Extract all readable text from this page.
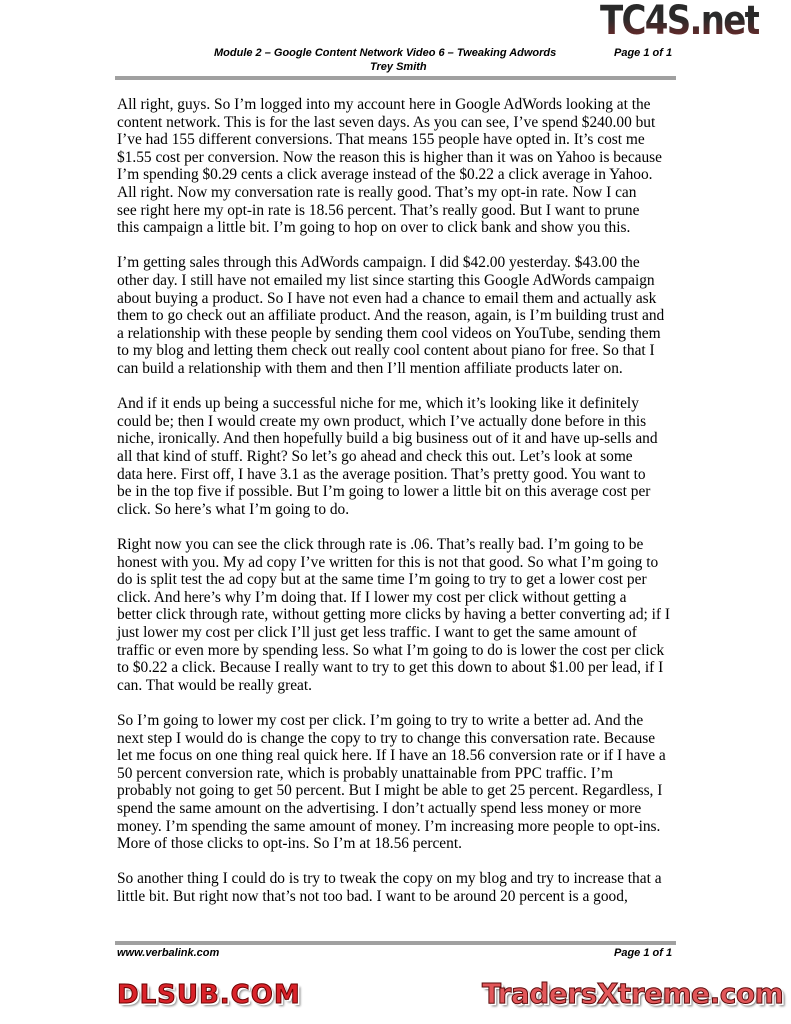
TC4S.net
Module 2 – Google Content Network Video 6 – Tweaking Adwords	Page 1 of 1
Trey Smith
All right, guys. So I’m logged into my account here in Google AdWords looking at the
content network. This is for the last seven days. As you can see, I’ve spend $240.00 but
I’ve had 155 different conversions. That means 155 people have opted in. It’s cost me
$1.55 cost per conversion. Now the reason this is higher than it was on Yahoo is because
I’m spending $0.29 cents a click average instead of the $0.22 a click average in Yahoo.
All right. Now my conversation rate is really good. That’s my opt-in rate. Now I can
see right here my opt-in rate is 18.56 percent. That’s really good. But I want to prune
this campaign a little bit. I’m going to hop on over to click bank and show you this.
I’m getting sales through this AdWords campaign. I did $42.00 yesterday. $43.00 the
other day. I still have not emailed my list since starting this Google AdWords campaign
about buying a product. So I have not even had a chance to email them and actually ask
them to go check out an affiliate product. And the reason, again, is I’m building trust and
a relationship with these people by sending them cool videos on YouTube, sending them
to my blog and letting them check out really cool content about piano for free. So that I
can build a relationship with them and then I’ll mention affiliate products later on.
And if it ends up being a successful niche for me, which it’s looking like it definitely
could be; then I would create my own product, which I’ve actually done before in this
niche, ironically. And then hopefully build a big business out of it and have up-sells and
all that kind of stuff. Right? So let’s go ahead and check this out. Let’s look at some
data here. First off, I have 3.1 as the average position. That’s pretty good. You want to
be in the top five if possible. But I’m going to lower a little bit on this average cost per
click. So here’s what I’m going to do.
Right now you can see the click through rate is .06. That’s really bad. I’m going to be
honest with you. My ad copy I’ve written for this is not that good. So what I’m going to
do is split test the ad copy but at the same time I’m going to try to get a lower cost per
click. And here’s why I’m doing that. If I lower my cost per click without getting a
better click through rate, without getting more clicks by having a better converting ad; if I
just lower my cost per click I’ll just get less traffic. I want to get the same amount of
traffic or even more by spending less. So what I’m going to do is lower the cost per click
to $0.22 a click. Because I really want to try to get this down to about $1.00 per lead, if I
can. That would be really great.
So I’m going to lower my cost per click. I’m going to try to write a better ad. And the
next step I would do is change the copy to try to change this conversation rate. Because
let me focus on one thing real quick here. If I have an 18.56 conversion rate or if I have a
50 percent conversion rate, which is probably unattainable from PPC traffic. I’m
probably not going to get 50 percent. But I might be able to get 25 percent. Regardless, I
spend the same amount on the advertising. I don’t actually spend less money or more
money. I’m spending the same amount of money. I’m increasing more people to opt-ins.
More of those clicks to opt-ins. So I’m at 18.56 percent.
So another thing I could do is try to tweak the copy on my blog and try to increase that a
little bit. But right now that’s not too bad. I want to be around 20 percent is a good,
www.verbalink.com	Page 1 of 1
DLSUB.COM	TradersXtreme.com
